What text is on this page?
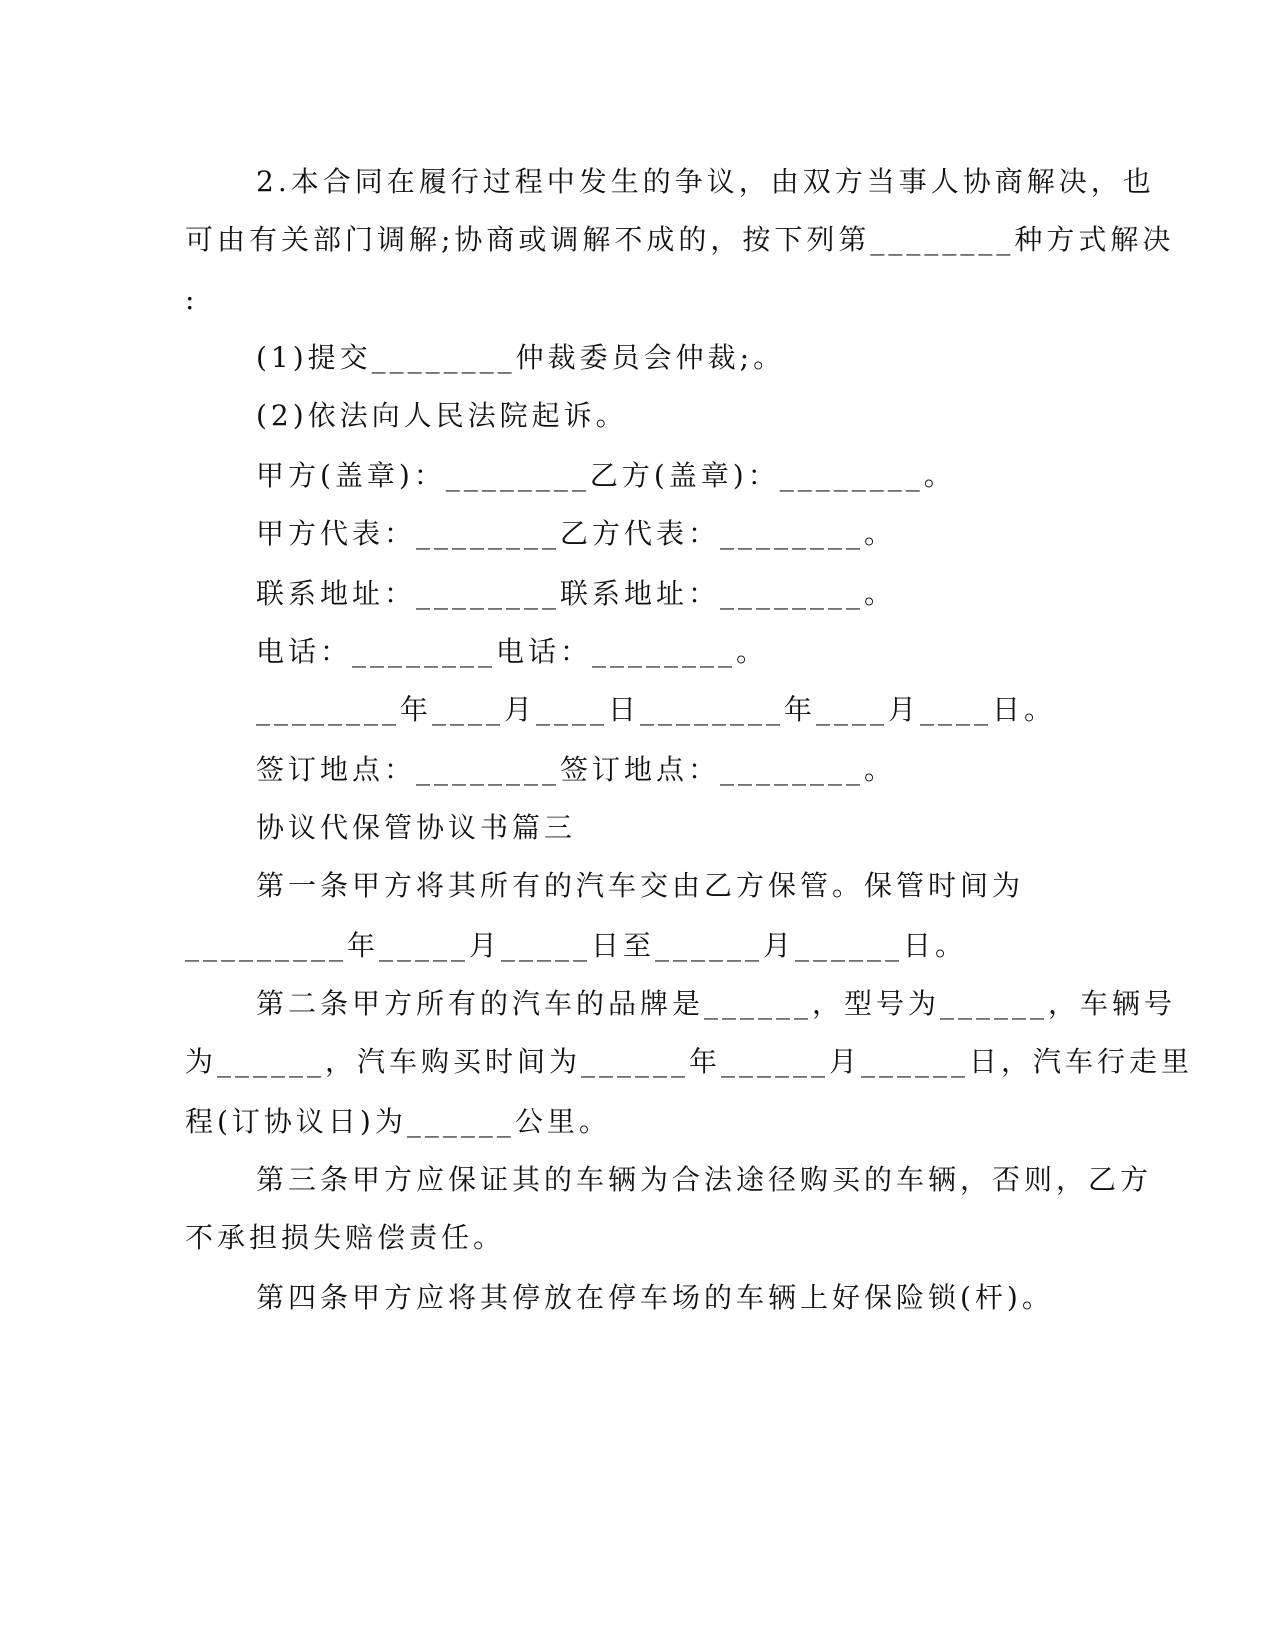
2.本合同在履行过程中发生的争议，由双方当事人协商解决，也
可由有关部门调解;协商或调解不成的，按下列第________种方式解决
:
(1)提交________仲裁委员会仲裁;。
(2)依法向人民法院起诉。
甲方(盖章)：________乙方(盖章)：________。
甲方代表：________乙方代表：________。
联系地址：________联系地址：________。
电话：________电话：________。
________年____月____日________年____月____日。
签订地点：________签订地点：________。
协议代保管协议书篇三
第一条甲方将其所有的汽车交由乙方保管。保管时间为
_________年_____月_____日至______月______日。
第二条甲方所有的汽车的品牌是______，型号为______，车辆号
为______，汽车购买时间为______年______月______日，汽车行走里
程(订协议日)为______公里。
第三条甲方应保证其的车辆为合法途径购买的车辆，否则，乙方
不承担损失赔偿责任。
第四条甲方应将其停放在停车场的车辆上好保险锁(杆)。
